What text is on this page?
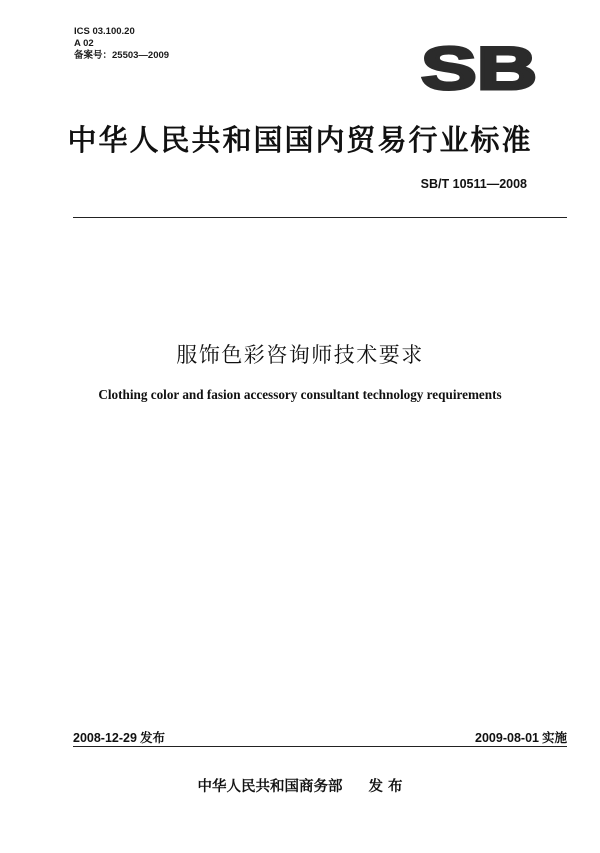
ICS 03.100.20
A 02
备案号：25503—2009	SB
中华人民共和国国内贸易行业标准
SB/T 10511—2008
服饰色彩咨询师技术要求
Clothing color and fasion accessory consultant technology requirements
2008-12-29 发布	2009-08-01 实施
中华人民共和国商务部 发 布
